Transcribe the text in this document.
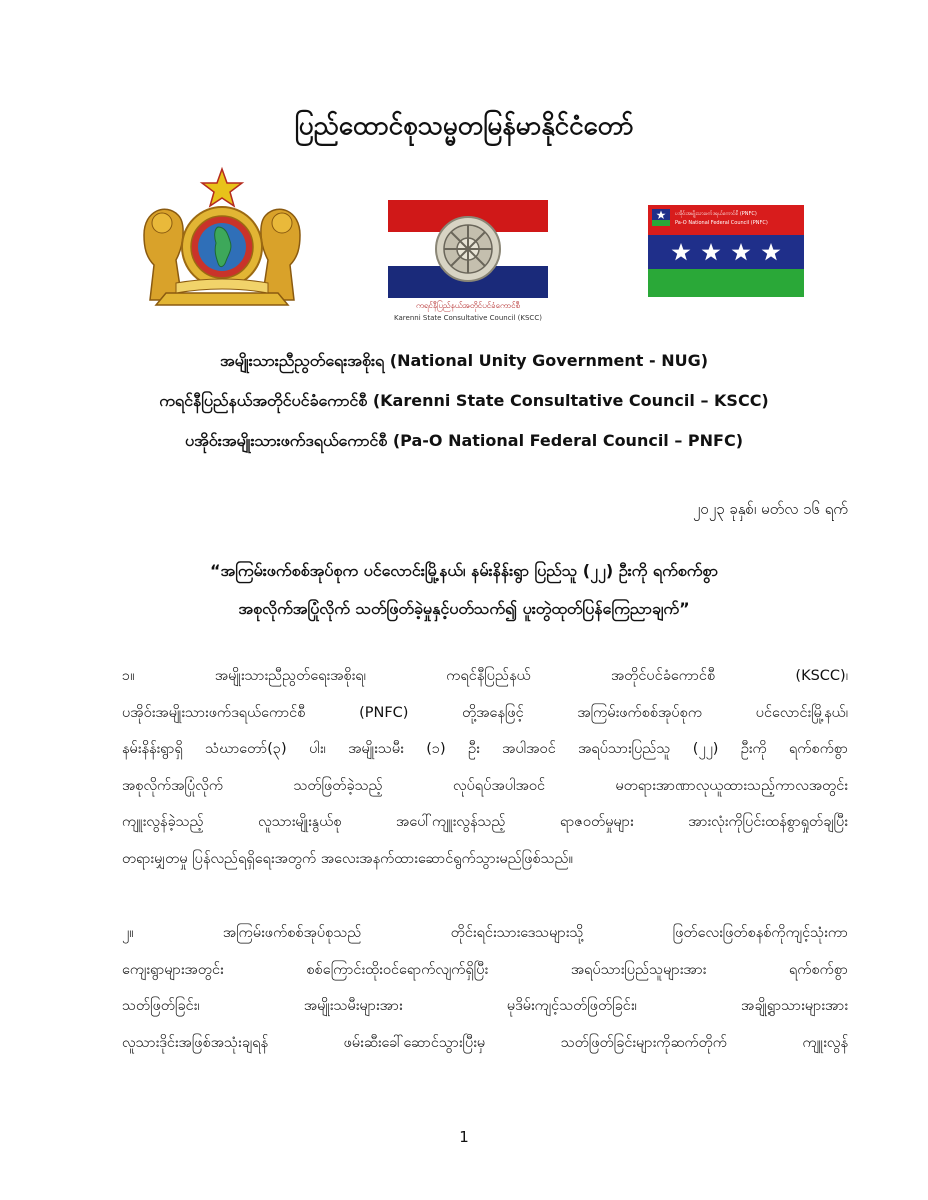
ပြည်ထောင်စုသမ္မတမြန်မာနိုင်ငံတော်
ကရင်နီပြည်နယ်အတိုင်ပင်ခံကောင်စီ
Karenni State Consultative Council (KSCC)
ပအိုဝ်းအမျိုးသားဖက်ဒရယ်ကောင်စီ (PNFC)
Pa-O National Federal Council (PNFC)
အမျိုးသားညီညွတ်ရေးအစိုးရ (National Unity Government - NUG)
ကရင်နီပြည်နယ်အတိုင်ပင်ခံကောင်စီ (Karenni State Consultative Council – KSCC)
ပအိုဝ်းအမျိုးသားဖက်ဒရယ်ကောင်စီ (Pa-O National Federal Council – PNFC)
၂၀၂၃ ခုနှစ်၊ မတ်လ ၁၆ ရက်
“အကြမ်းဖက်စစ်အုပ်စုက ပင်လောင်းမြို့နယ်၊ နမ်းနိန်းရွာ ပြည်သူ (၂၂) ဦးကို ရက်စက်စွာ
အစုလိုက်အပြုံလိုက် သတ်ဖြတ်ခဲ့မှုနှင့်ပတ်သက်၍ ပူးတွဲထုတ်ပြန်ကြေညာချက်”
၁။ အမျိုးသားညီညွတ်ရေးအစိုးရ၊ ကရင်နီပြည်နယ် အတိုင်ပင်ခံကောင်စီ (KSCC)၊
ပအိုဝ်းအမျိုးသားဖက်ဒရယ်ကောင်စီ (PNFC) တို့အနေဖြင့် အကြမ်းဖက်စစ်အုပ်စုက ပင်လောင်းမြို့နယ်၊
နမ်းနိန်းရွာရှိ သံဃာတော်(၃) ပါး၊ အမျိုးသမီး (၁) ဦး အပါအဝင် အရပ်သားပြည်သူ (၂၂) ဦးကို ရက်စက်စွာ
အစုလိုက်အပြုံလိုက် သတ်ဖြတ်ခဲ့သည့် လုပ်ရပ်အပါအဝင် မတရားအာဏာလုယူထားသည့်ကာလအတွင်း
ကျူးလွန်ခဲ့သည့် လူသားမျိုးနွယ်စု အပေါ်ကျူးလွန်သည့် ရာဇဝတ်မှုများ အားလုံးကိုပြင်းထန်စွာရှုတ်ချပြီး
တရားမျှတမှု ပြန်လည်ရရှိရေးအတွက် အလေးအနက်ထားဆောင်ရွက်သွားမည်ဖြစ်သည်။
၂။ အကြမ်းဖက်စစ်အုပ်စုသည် တိုင်းရင်းသားဒေသများသို့ ဖြတ်လေးဖြတ်စနစ်ကိုကျင့်သုံးကာ
ကျေးရွာများအတွင်း စစ်ကြောင်းထိုးဝင်ရောက်လျက်ရှိပြီး အရပ်သားပြည်သူများအား ရက်စက်စွာ
သတ်ဖြတ်ခြင်း၊ အမျိုးသမီးများအား မုဒိမ်းကျင့်သတ်ဖြတ်ခြင်း၊ အချို့ရွာသားများအား
လူသားဒိုင်းအဖြစ်အသုံးချရန် ဖမ်းဆီးခေါ်ဆောင်သွားပြီးမှ သတ်ဖြတ်ခြင်းများကိုဆက်တိုက် ကျူးလွန်
1
